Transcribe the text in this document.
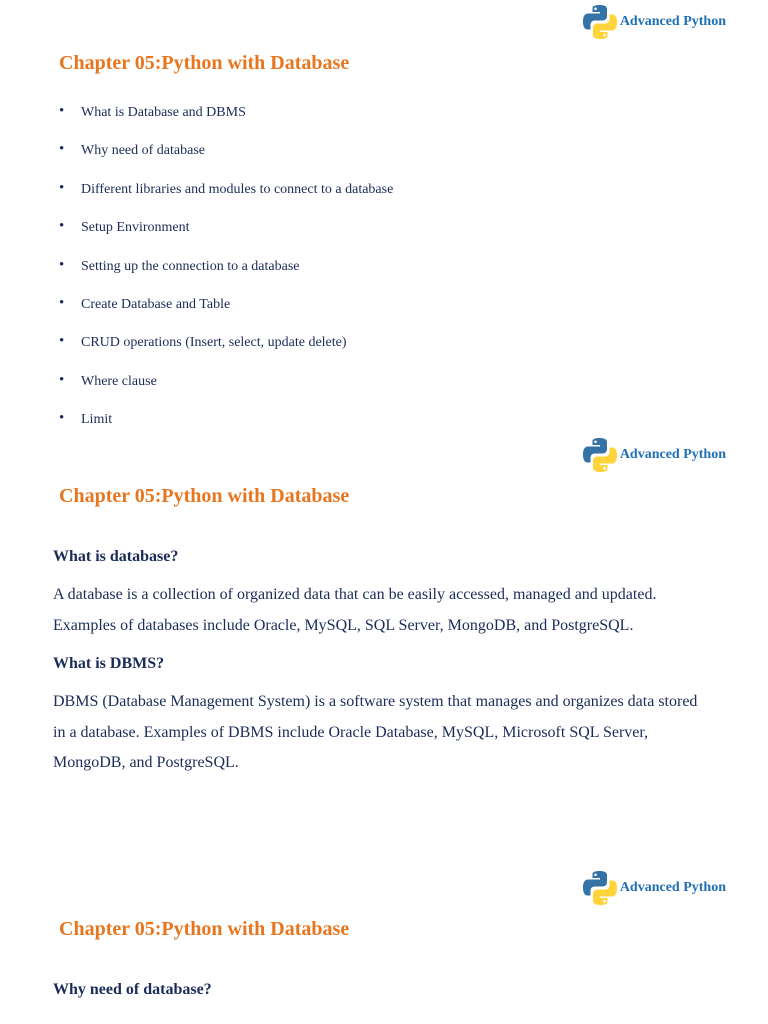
Advanced Python
Chapter 05:Python with Database
•	What is Database and DBMS
•	Why need of database
•	Different libraries and modules to connect to a database
•	Setup Environment
•	Setting up the connection to a database
•	Create Database and Table
•	CRUD operations (Insert, select, update delete)
•	Where clause
•	Limit
Advanced Python
Chapter 05:Python with Database
What is database?

A database is a collection of organized data that can be easily accessed, managed and updated. Examples of databases include Oracle, MySQL, SQL Server, MongoDB, and PostgreSQL.

What is DBMS?

DBMS (Database Management System) is a software system that manages and organizes data stored in a database. Examples of DBMS include Oracle Database, MySQL, Microsoft SQL Server, MongoDB, and PostgreSQL.

Advanced Python
Chapter 05:Python with Database
Why need of database?
